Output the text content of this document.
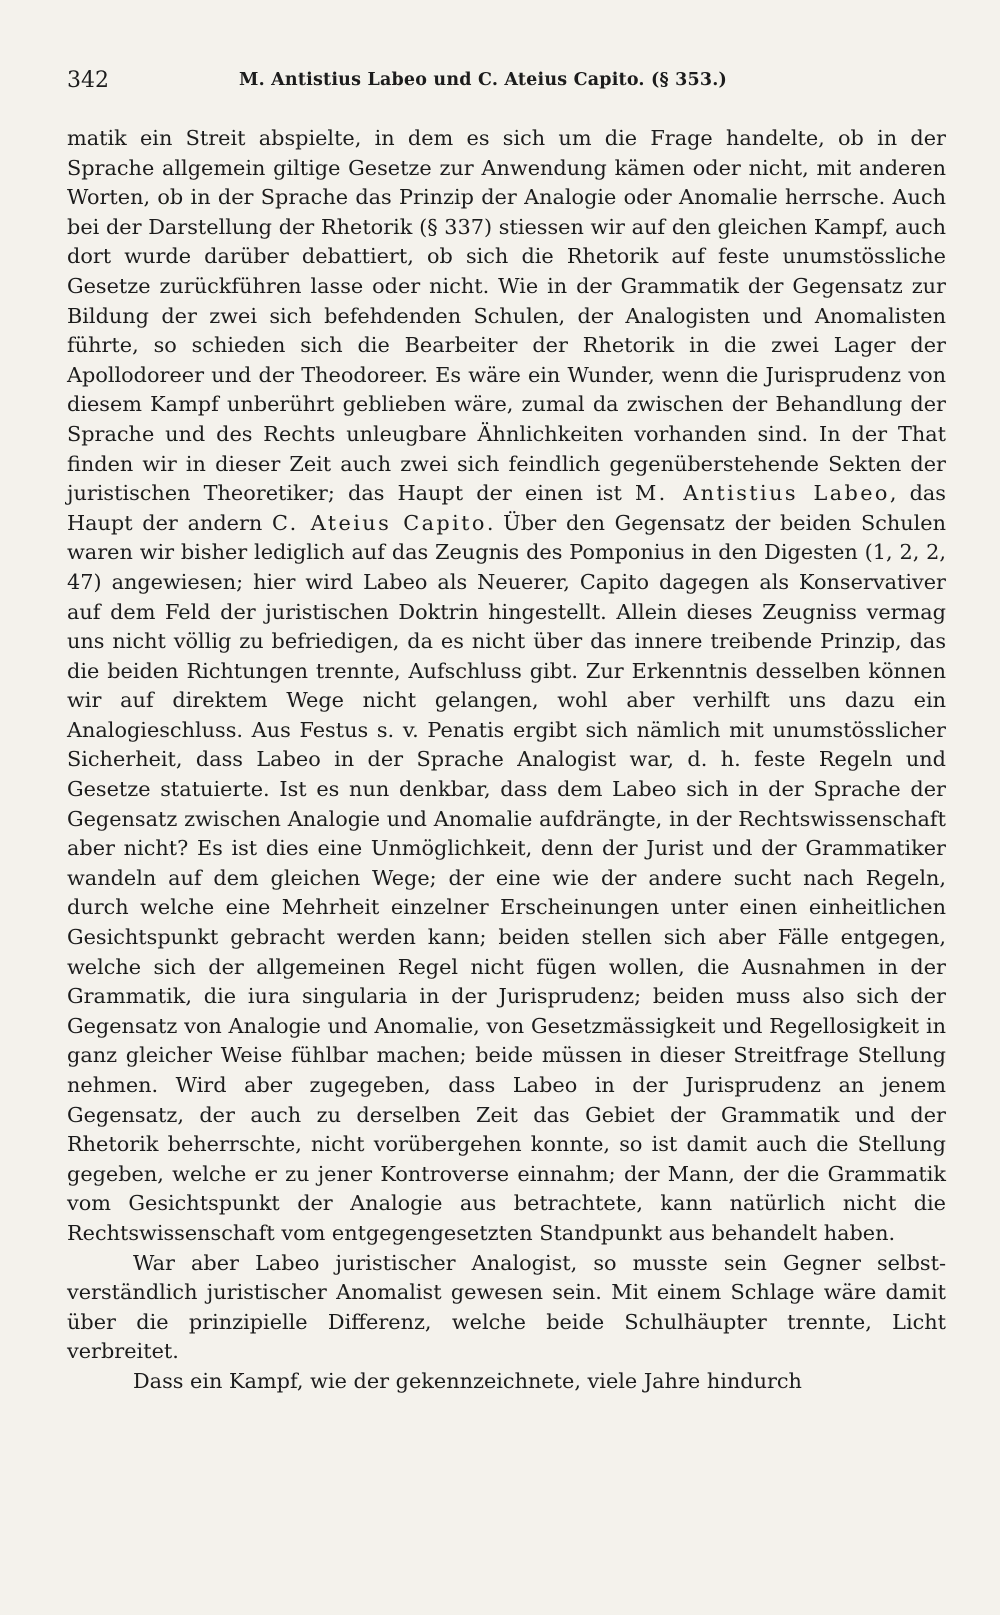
342	M. Antistius Labeo und C. Ateius Capito. (§ 353.)

matik ein Streit abspielte, in dem es sich um die Frage handelte, ob in der Sprache allgemein giltige Gesetze zur Anwendung kämen oder nicht, mit anderen Worten, ob in der Sprache das Prinzip der Analogie oder Anomalie herrsche. Auch bei der Darstellung der Rhetorik (§ 337) stiessen wir auf den gleichen Kampf, auch dort wurde darüber debattiert, ob sich die Rhetorik auf feste unumstössliche Gesetze zurückführen lasse oder nicht. Wie in der Grammatik der Gegensatz zur Bildung der zwei sich befehdenden Schulen, der Analogisten und Anomalisten führte, so schieden sich die Bearbeiter der Rhetorik in die zwei Lager der Apollodoreer und der Theodoreer. Es wäre ein Wunder, wenn die Jurisprudenz von diesem Kampf unberührt geblieben wäre, zumal da zwischen der Behandlung der Sprache und des Rechts unleugbare Ähnlichkeiten vorhanden sind. In der That finden wir in dieser Zeit auch zwei sich feindlich gegenüberstehende Sekten der juristischen Theoretiker; das Haupt der einen ist M. Antistius Labeo, das Haupt der andern C. Ateius Capito. Über den Gegensatz der beiden Schulen waren wir bisher lediglich auf das Zeugnis des Pomponius in den Digesten (1, 2, 2, 47) angewiesen; hier wird Labeo als Neuerer, Capito dagegen als Konservativer auf dem Feld der juristischen Doktrin hingestellt. Allein dieses Zeugniss vermag uns nicht völlig zu befriedigen, da es nicht über das innere treibende Prinzip, das die beiden Richtungen trennte, Aufschluss gibt. Zur Erkenntnis desselben können wir auf direktem Wege nicht gelangen, wohl aber verhilft uns dazu ein Analogieschluss. Aus Festus s. v. Penatis ergibt sich nämlich mit unumstösslicher Sicherheit, dass Labeo in der Sprache Analogist war, d. h. feste Regeln und Gesetze statuierte. Ist es nun denkbar, dass dem Labeo sich in der Sprache der Gegensatz zwischen Analogie und Anomalie aufdrängte, in der Rechtswissenschaft aber nicht? Es ist dies eine Unmöglichkeit, denn der Jurist und der Grammatiker wandeln auf dem gleichen Wege; der eine wie der andere sucht nach Regeln, durch welche eine Mehrheit einzelner Erscheinungen unter einen einheitlichen Gesichtspunkt gebracht werden kann; beiden stellen sich aber Fälle entgegen, welche sich der allgemeinen Regel nicht fügen wollen, die Ausnahmen in der Grammatik, die iura singularia in der Jurisprudenz; beiden muss also sich der Gegensatz von Analogie und Anomalie, von Gesetzmässigkeit und Regellosigkeit in ganz gleicher Weise fühlbar machen; beide müssen in dieser Streitfrage Stellung nehmen. Wird aber zugegeben, dass Labeo in der Jurisprudenz an jenem Gegensatz, der auch zu derselben Zeit das Gebiet der Grammatik und der Rhetorik beherrschte, nicht vorübergehen konnte, so ist damit auch die Stellung gegeben, welche er zu jener Kontroverse einnahm; der Mann, der die Grammatik vom Gesichtspunkt der Analogie aus betrachtete, kann natürlich nicht die Rechtswissenschaft vom entgegengesetzten Standpunkt aus behandelt haben.

War aber Labeo juristischer Analogist, so musste sein Gegner selbstverständlich juristischer Anomalist gewesen sein. Mit einem Schlage wäre damit über die prinzipielle Differenz, welche beide Schulhäupter trennte, Licht verbreitet.

Dass ein Kampf, wie der gekennzeichnete, viele Jahre hindurch
